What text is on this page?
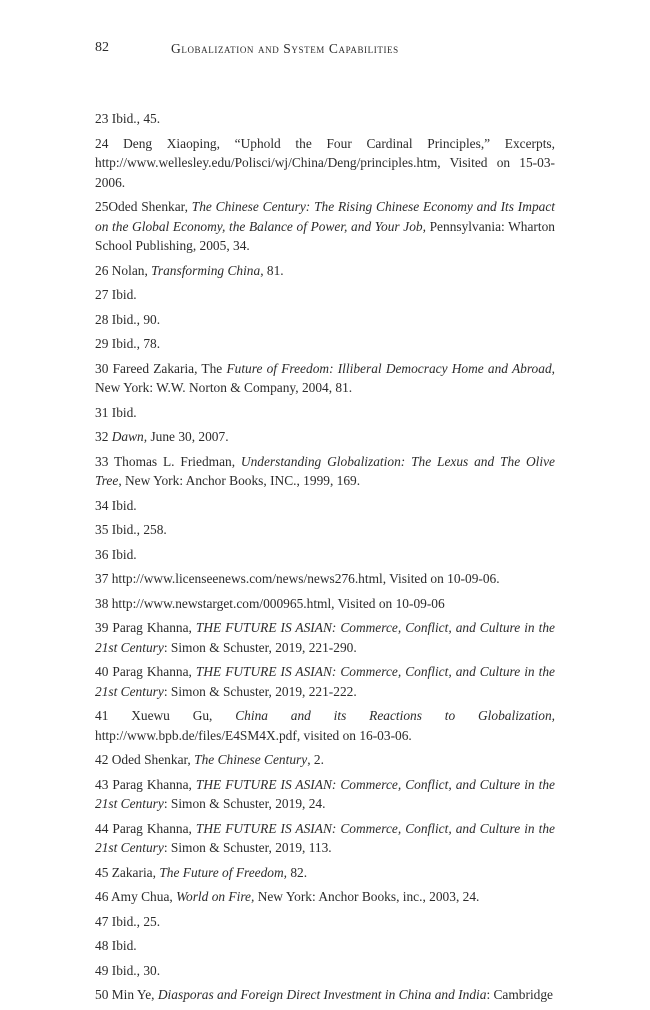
82	Globalization and System Capabilities
23 Ibid., 45.
24 Deng Xiaoping, “Uphold the Four Cardinal Principles,” Excerpts, http://www.wellesley.edu/Polisci/wj/China/Deng/principles.htm, Visited on 15-03-2006.
25Oded Shenkar, The Chinese Century: The Rising Chinese Economy and Its Impact on the Global Economy, the Balance of Power, and Your Job, Pennsylvania: Wharton School Publishing, 2005, 34.
26 Nolan, Transforming China, 81.
27 Ibid.
28 Ibid., 90.
29 Ibid., 78.
30 Fareed Zakaria, The Future of Freedom: Illiberal Democracy Home and Abroad, New York: W.W. Norton & Company, 2004, 81.
31 Ibid.
32 Dawn, June 30, 2007.
33 Thomas L. Friedman, Understanding Globalization: The Lexus and The Olive Tree, New York: Anchor Books, INC., 1999, 169.
34 Ibid.
35 Ibid., 258.
36 Ibid.
37 http://www.licenseenews.com/news/news276.html, Visited on 10-09-06.
38 http://www.newstarget.com/000965.html, Visited on 10-09-06
39 Parag Khanna, THE FUTURE IS ASIAN: Commerce, Conflict, and Culture in the 21st Century: Simon & Schuster, 2019, 221-290.
40 Parag Khanna, THE FUTURE IS ASIAN: Commerce, Conflict, and Culture in the 21st Century: Simon & Schuster, 2019, 221-222.
41 Xuewu Gu, China and its Reactions to Globalization, http://www.bpb.de/files/E4SM4X.pdf, visited on 16-03-06.
42 Oded Shenkar, The Chinese Century, 2.
43 Parag Khanna, THE FUTURE IS ASIAN: Commerce, Conflict, and Culture in the 21st Century: Simon & Schuster, 2019, 24.
44 Parag Khanna, THE FUTURE IS ASIAN: Commerce, Conflict, and Culture in the 21st Century: Simon & Schuster, 2019, 113.
45 Zakaria, The Future of Freedom, 82.
46 Amy Chua, World on Fire, New York: Anchor Books, inc., 2003, 24.
47 Ibid., 25.
48 Ibid.
49 Ibid., 30.
50 Min Ye, Diasporas and Foreign Direct Investment in China and India: Cambridge
